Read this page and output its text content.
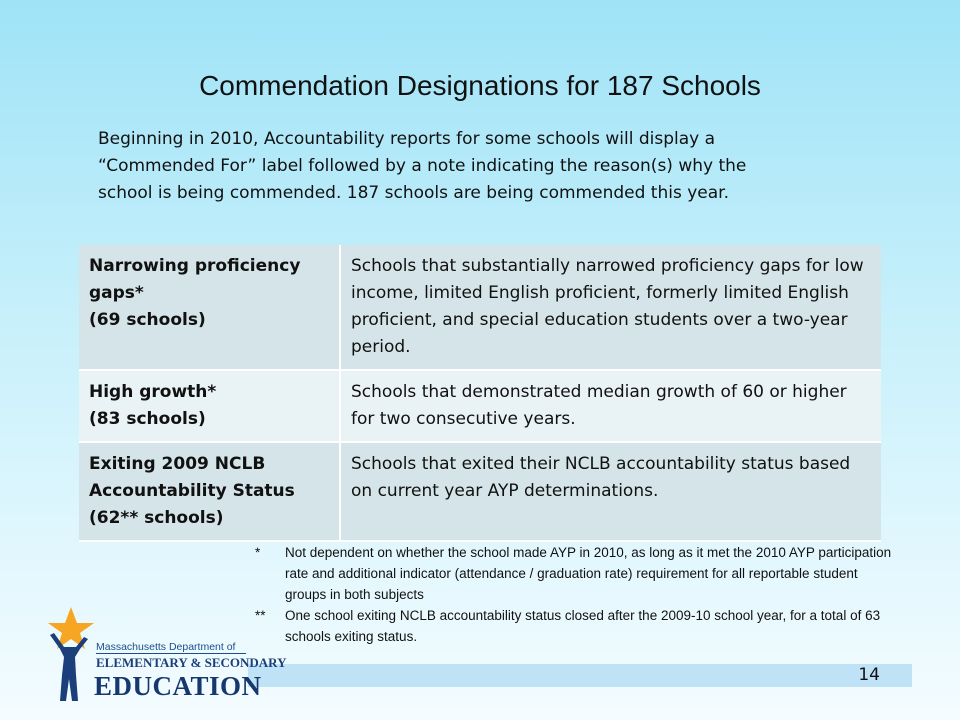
Commendation Designations for 187 Schools

Beginning in 2010, Accountability reports for some schools will display a

“Commended For” label followed by a note indicating the reason(s) why the

school is being commended. 187 schools are being commended this year.

Narrowing proficiency
gaps*
(69 schools)	Schools that substantially narrowed proficiency gaps for low income, limited English proficient, formerly limited English proficient, and special education students over a two-year period.

High growth*
(83 schools)	Schools that demonstrated median growth of 60 or higher for two consecutive years.

Exiting 2009 NCLB
Accountability Status
(62** schools)	Schools that exited their NCLB accountability status based on current year AYP determinations.

* Not dependent on whether the school made AYP in 2010, as long as it met the 2010 AYP participation rate and additional indicator (attendance / graduation rate) requirement for all reportable student groups in both subjects

** One school exiting NCLB accountability status closed after the 2009-10 school year, for a total of 63 schools exiting status.

14
Massachusetts Department of
ELEMENTARY & SECONDARY
EDUCATION
